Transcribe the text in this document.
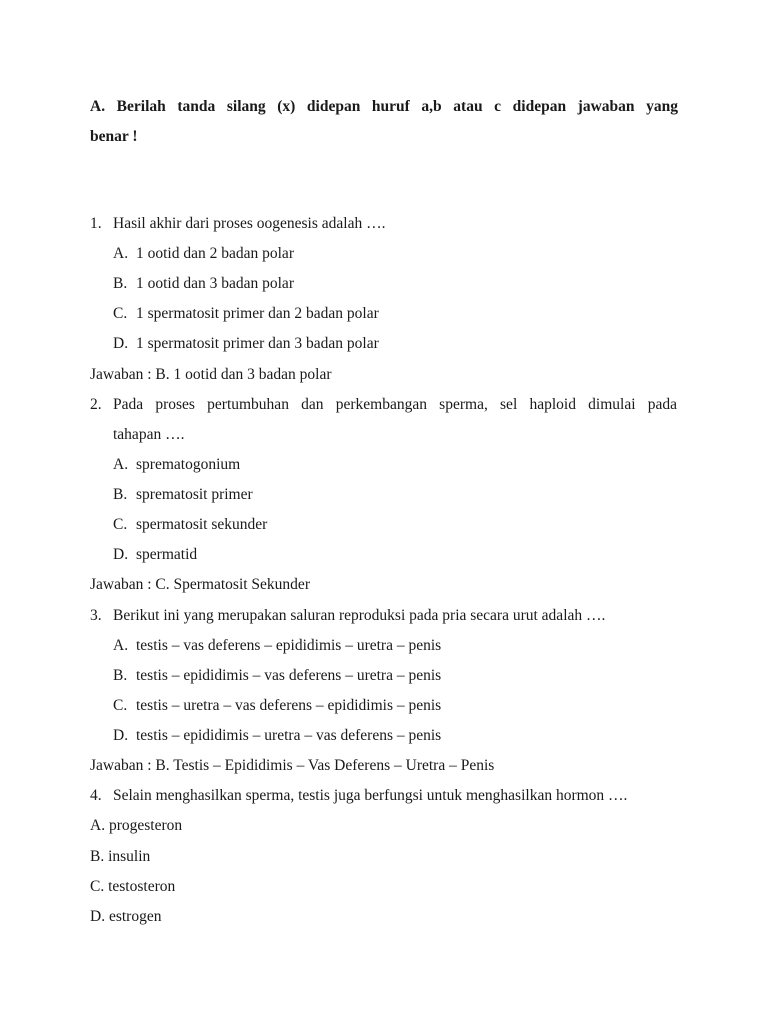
A. Berilah tanda silang (x) didepan huruf a,b atau c didepan jawaban yang
benar !
1. Hasil akhir dari proses oogenesis adalah ….
A. 1 ootid dan 2 badan polar
B. 1 ootid dan 3 badan polar
C. 1 spermatosit primer dan 2 badan polar
D. 1 spermatosit primer dan 3 badan polar
Jawaban : B. 1 ootid dan 3 badan polar
2. Pada proses pertumbuhan dan perkembangan sperma, sel haploid dimulai pada
tahapan ….
A. sprematogonium
B. sprematosit primer
C. spermatosit sekunder
D. spermatid
Jawaban : C. Spermatosit Sekunder
3. Berikut ini yang merupakan saluran reproduksi pada pria secara urut adalah ….
A. testis – vas deferens – epididimis – uretra – penis
B. testis – epididimis – vas deferens – uretra – penis
C. testis – uretra – vas deferens – epididimis – penis
D. testis – epididimis – uretra – vas deferens – penis
Jawaban : B. Testis – Epididimis – Vas Deferens – Uretra – Penis
4. Selain menghasilkan sperma, testis juga berfungsi untuk menghasilkan hormon ….
A. progesteron
B. insulin
C. testosteron
D. estrogen
